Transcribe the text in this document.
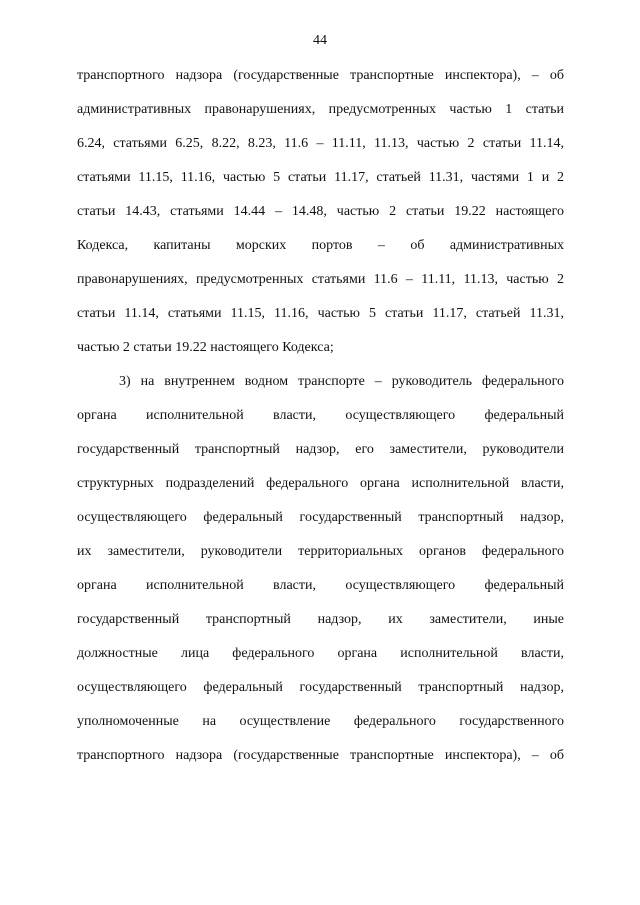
44
транспортного надзора (государственные транспортные инспектора), – об
административных правонарушениях, предусмотренных частью 1 статьи
6.24, статьями 6.25, 8.22, 8.23, 11.6 – 11.11, 11.13, частью 2 статьи 11.14,
статьями 11.15, 11.16, частью 5 статьи 11.17, статьей 11.31, частями 1 и 2
статьи 14.43, статьями 14.44 – 14.48, частью 2 статьи 19.22 настоящего
Кодекса, капитаны морских портов – об административных
правонарушениях, предусмотренных статьями 11.6 – 11.11, 11.13, частью 2
статьи 11.14, статьями 11.15, 11.16, частью 5 статьи 11.17, статьей 11.31,
частью 2 статьи 19.22 настоящего Кодекса;
3) на внутреннем водном транспорте – руководитель федерального
органа исполнительной власти, осуществляющего федеральный
государственный транспортный надзор, его заместители, руководители
структурных подразделений федерального органа исполнительной власти,
осуществляющего федеральный государственный транспортный надзор,
их заместители, руководители территориальных органов федерального
органа исполнительной власти, осуществляющего федеральный
государственный транспортный надзор, их заместители, иные
должностные лица федерального органа исполнительной власти,
осуществляющего федеральный государственный транспортный надзор,
уполномоченные на осуществление федерального государственного
транспортного надзора (государственные транспортные инспектора), – об
